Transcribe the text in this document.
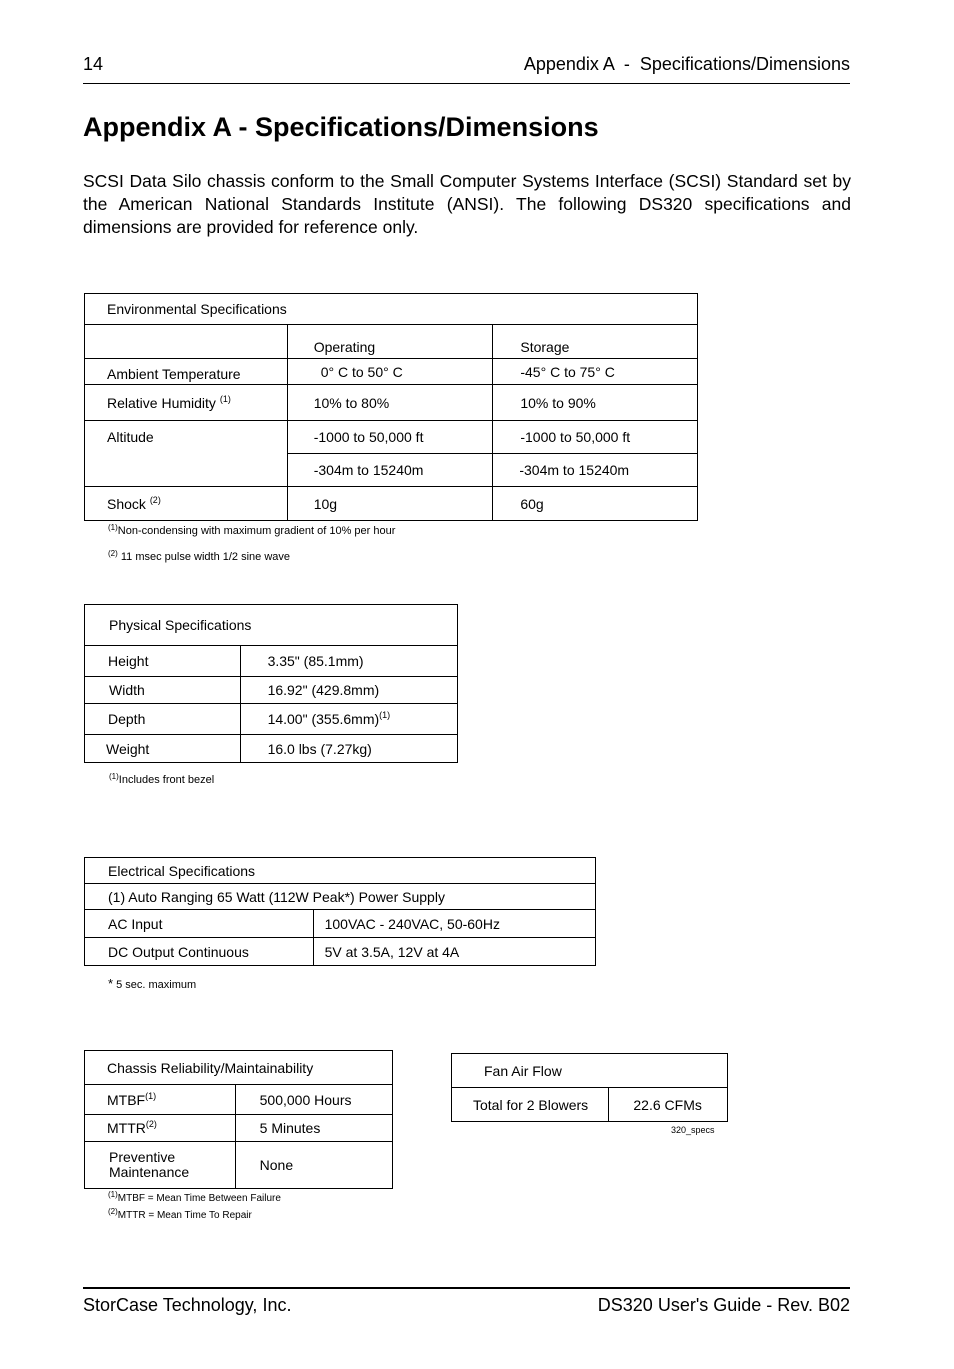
14	Appendix A  -  Specifications/Dimensions
Appendix A - Specifications/Dimensions

SCSI Data Silo chassis conform to the Small Computer Systems Interface (SCSI) Standard set by the American National Standards Institute (ANSI). The following DS320 specifications and dimensions are provided for reference only.

Environmental Specifications		
	Operating	Storage
Ambient Temperature	0° C to 50° C	-45° C to 75° C
Relative Humidity $^{(1)}$	10% to 80%	10% to 90%
Altitude	-1000 to 50,000 ft	-1000 to 50,000 ft
	-304m to 15240m	-304m to 15240m
Shock $^{(2)}$	10g	60g
$^{(1)}$Non-condensing with maximum gradient of 10% per hour
$^{(2)}$ 11 msec pulse width 1/2 sine wave
Physical Specifications	
Height	3.35" (85.1mm)
Width	16.92" (429.8mm)
Depth	14.00" $(355.6mm)^{(1)}$
Weight	16.0 lbs (7.27kg)
$^{(1)}$Includes front bezel
Electrical Specifications	
(1) Auto Ranging 65 Watt (112W Peak*) Power Supply	
AC Input	100VAC - 240VAC, 50-60Hz
DC Output Continuous	5V at 3.5A, 12V at 4A
* 5 sec. maximum
Chassis Reliability/Maintainability	
MTBF$^{(1)}$	500,000 Hours
MTTR$^{(2)}$	5 Minutes
Preventive
Maintenance	None
$^{(1)}$MTBF = Mean Time Between Failure
$^{(2)}$MTTR = Mean Time To Repair
Fan Air Flow
Total for 2 Blowers	22.6 CFMs
320_specs
StorCase Technology, Inc.	DS320 User's Guide - Rev. B02
